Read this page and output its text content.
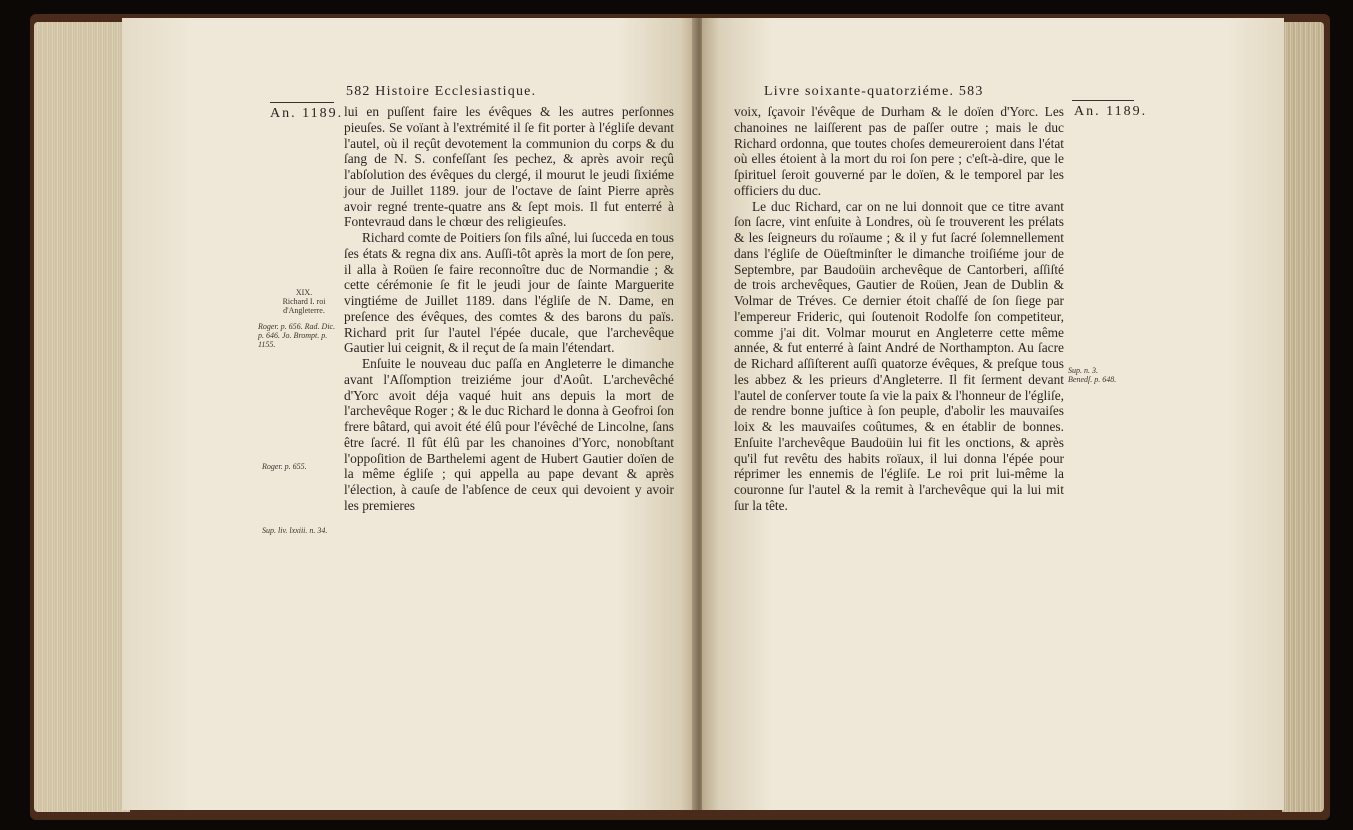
An. 1189.
582 Histoire Ecclesiastique.

lui en puſſent faire les évêques & les autres perſonnes pieuſes. Se voïant à l'extrémité il ſe fit porter à l'égliſe devant l'autel, où il reçût devotement la communion du corps & du ſang de N. S. confeſſant ſes pechez, & après avoir reçû l'abſolution des évêques du clergé, il mourut le jeudi ſixiéme jour de Juillet 1189. jour de l'octave de ſaint Pierre après avoir regné trente-quatre ans & ſept mois. Il fut enterré à Fontevraud dans le chœur des religieuſes.

Richard comte de Poitiers ſon fils aîné, lui ſucceda en tous ſes états & regna dix ans. Auſſi-tôt après la mort de ſon pere, il alla à Roüen ſe faire reconnoître duc de Normandie ; & cette cérémonie ſe fit le jeudi jour de ſainte Marguerite vingtiéme de Juillet 1189. dans l'égliſe de N. Dame, en preſence des évêques, des comtes & des barons du païs. Richard prit ſur l'autel l'épée ducale, que l'archevêque Gautier lui ceignit, & il reçut de ſa main l'étendart.

Enſuite le nouveau duc paſſa en Angleterre le dimanche avant l'Aſſomption treiziéme jour d'Août. L'archevêché d'Yorc avoit déja vaqué huit ans depuis la mort de l'archevêque Roger ; & le duc Richard le donna à Geofroi ſon frere bâtard, qui avoit été élû pour l'évêché de Lincolne, ſans être ſacré. Il fût élû par les chanoines d'Yorc, nonobſtant l'oppoſition de Barthelemi agent de Hubert Gautier doïen de la même égliſe ; qui appella au pape devant & après l'élection, à cauſe de l'abſence de ceux qui devoient y avoir les premieres

XIX.
Richard I. roi d'Angleterre.
Roger. p. 656. Rad. Dic. p. 646. Jo. Brompt. p. 1155.
Roger. p. 655.
Sup. liv. lxxiii. n. 34.
Livre soixante-quatorziéme. 583

voix, ſçavoir l'évêque de Durham & le doïen d'Yorc. Les chanoines ne laiſſerent pas de paſſer outre ; mais le duc Richard ordonna, que toutes choſes demeureroient dans l'état où elles étoient à la mort du roi ſon pere ; c'eſt-à-dire, que le ſpirituel ſeroit gouverné par le doïen, & le temporel par les officiers du duc.

Le duc Richard, car on ne lui donnoit que ce titre avant ſon ſacre, vint enſuite à Londres, où ſe trouverent les prélats & les ſeigneurs du roïaume ; & il y fut ſacré ſolemnellement dans l'égliſe de Oüeſtminſter le dimanche troiſiéme jour de Septembre, par Baudoüin archevêque de Cantorberi, aſſiſté de trois archevêques, Gautier de Roüen, Jean de Dublin & Volmar de Tréves. Ce dernier étoit chaſſé de ſon ſiege par l'empereur Frideric, qui ſoutenoit Rodolfe ſon competiteur, comme j'ai dit. Volmar mourut en Angleterre cette même année, & fut enterré à ſaint André de Northampton. Au ſacre de Richard aſſiſterent auſſi quatorze évêques, & preſque tous les abbez & les prieurs d'Angleterre. Il fit ſerment devant l'autel de conſerver toute ſa vie la paix & l'honneur de l'égliſe, de rendre bonne juſtice à ſon peuple, d'abolir les mauvaiſes loix & les mauvaiſes coûtumes, & en établir de bonnes. Enſuite l'archevêque Baudoüin lui fit les onctions, & après qu'il fut revêtu des habits roïaux, il lui donna l'épée pour réprimer les ennemis de l'égliſe. Le roi prit lui-même la couronne ſur l'autel & la remit à l'archevêque qui la lui mit ſur la tête.

An. 1189.
Sup. n. 3.
Benedſ. p. 648.
